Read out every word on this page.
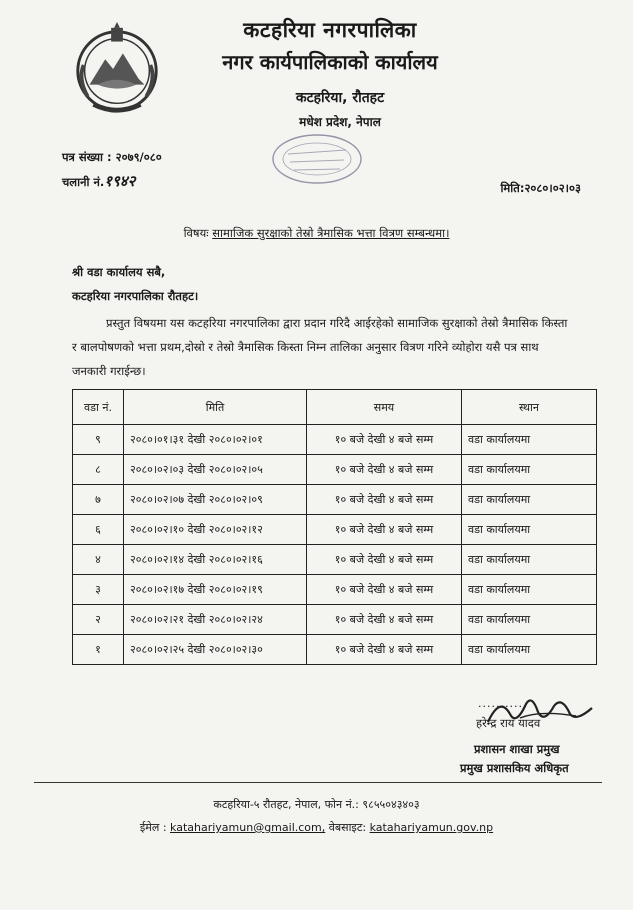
कटहरिया नगरपालिका
नगर कार्यपालिकाको कार्यालय
कटहरिया, रौतहट
मधेश प्रदेश, नेपाल
पत्र संख्या : २०७९/०८०
चलानी नं.१९४२	मिति:२०८०।०२।०३
विषयः सामाजिक सुरक्षाको तेस्रो त्रैमासिक भत्ता वित्रण सम्बन्धमा।
श्री वडा कार्यालय सबै,
कटहरिया नगरपालिका रौतहट।
प्रस्तुत विषयमा यस कटहरिया नगरपालिका द्वारा प्रदान गरिदै आईरहेको सामाजिक सुरक्षाको तेस्रो त्रैमासिक किस्ता र बालपोषणको भत्ता प्रथम,दोस्रो र तेस्रो त्रैमासिक किस्ता निम्न तालिका अनुसार वित्रण गरिने व्योहोरा यसै पत्र साथ जनकारी गराईन्छ।
वडा नं.	मिति	समय	स्थान
९	२०८०।०१।३१ देखी २०८०।०२।०१	१० बजे देखी ४ बजे सम्म	वडा कार्यालयमा
८	२०८०।०२।०३ देखी २०८०।०२।०५	१० बजे देखी ४ बजे सम्म	वडा कार्यालयमा
७	२०८०।०२।०७ देखी २०८०।०२।०९	१० बजे देखी ४ बजे सम्म	वडा कार्यालयमा
६	२०८०।०२।१० देखी २०८०।०२।१२	१० बजे देखी ४ बजे सम्म	वडा कार्यालयमा
४	२०८०।०२।१४ देखी २०८०।०२।१६	१० बजे देखी ४ बजे सम्म	वडा कार्यालयमा
३	२०८०।०२।१७ देखी २०८०।०२।१९	१० बजे देखी ४ बजे सम्म	वडा कार्यालयमा
२	२०८०।०२।२१ देखी २०८०।०२।२४	१० बजे देखी ४ बजे सम्म	वडा कार्यालयमा
१	२०८०।०२।२५ देखी २०८०।०२।३०	१० बजे देखी ४ बजे सम्म	वडा कार्यालयमा
...........
हरेन्द्र राय यादव
प्रशासन शाखा प्रमुख
प्रमुख प्रशासकिय अधिकृत
कटहरिया-५ रौतहट, नेपाल, फोन नं.: ९८५५०४३४०३
ईमेल : katahariyamun@gmail.com, वेबसाइट: katahariyamun.gov.np
